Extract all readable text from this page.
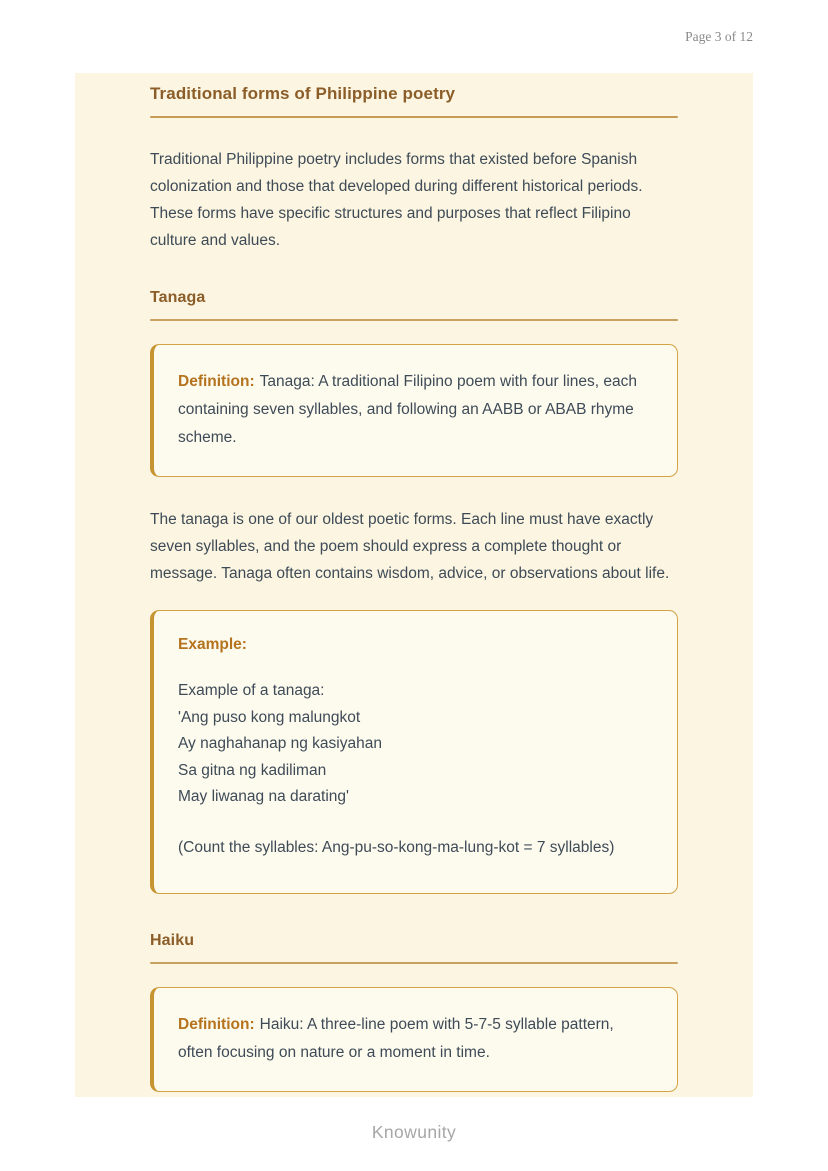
Page 3 of 12
Traditional forms of Philippine poetry

Traditional Philippine poetry includes forms that existed before Spanish colonization and those that developed during different historical periods. These forms have specific structures and purposes that reflect Filipino culture and values.

Tanaga

Definition: Tanaga: A traditional Filipino poem with four lines, each containing seven syllables, and following an AABB or ABAB rhyme scheme.

The tanaga is one of our oldest poetic forms. Each line must have exactly seven syllables, and the poem should express a complete thought or message. Tanaga often contains wisdom, advice, or observations about life.

Example:
Example of a tanaga:
'Ang puso kong malungkot
Ay naghahanap ng kasiyahan
Sa gitna ng kadiliman
May liwanag na darating'
(Count the syllables: Ang-pu-so-kong-ma-lung-kot = 7 syllables)
Haiku

Definition: Haiku: A three-line poem with 5-7-5 syllable pattern, often focusing on nature or a moment in time.

Knowunity
